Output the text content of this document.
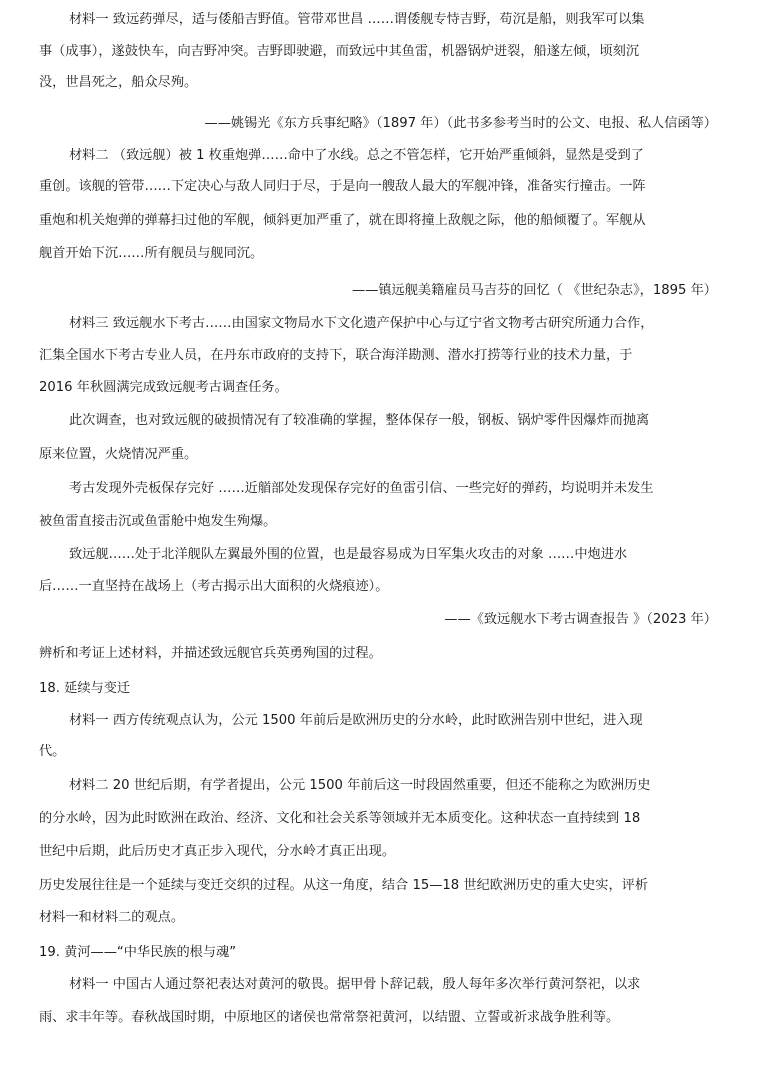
材料一 致远药弹尽，适与倭船吉野值。管带邓世昌 ……谓倭舰专恃吉野，苟沉是船，则我军可以集
事（成事），遂鼓快车，向吉野冲突。吉野即驶避，而致远中其鱼雷，机器锅炉迸裂，船遂左倾，顷刻沉
没，世昌死之，船众尽殉。
——姚锡光《东方兵事纪略》（1897 年）（此书多参考当时的公文、电报、私人信函等）
材料二 （致远舰）被 1 枚重炮弹……命中了水线。总之不管怎样，它开始严重倾斜，显然是受到了
重创。该舰的管带……下定决心与敌人同归于尽，于是向一艘敌人最大的军舰冲锋，准备实行撞击。一阵
重炮和机关炮弹的弹幕扫过他的军舰，倾斜更加严重了，就在即将撞上敌舰之际，他的船倾覆了。军舰从
舰首开始下沉……所有舰员与舰同沉。
——镇远舰美籍雇员马吉芬的回忆（ 《世纪杂志》，1895 年）
材料三 致远舰水下考古……由国家文物局水下文化遗产保护中心与辽宁省文物考古研究所通力合作，
汇集全国水下考古专业人员，在丹东市政府的支持下，联合海洋勘测、潜水打捞等行业的技术力量，于
2016 年秋圆满完成致远舰考古调查任务。
此次调查，也对致远舰的破损情况有了较准确的掌握，整体保存一般，钢板、锅炉零件因爆炸而抛离
原来位置，火烧情况严重。
考古发现外壳板保存完好 ……近艏部处发现保存完好的鱼雷引信、一些完好的弹药，均说明并未发生
被鱼雷直接击沉或鱼雷舱中炮发生殉爆。
致远舰……处于北洋舰队左翼最外围的位置，也是最容易成为日军集火攻击的对象 ……中炮进水
后……一直坚持在战场上（考古揭示出大面积的火烧痕迹）。
——《致远舰水下考古调查报告 》（2023 年）
辨析和考证上述材料，并描述致远舰官兵英勇殉国的过程。
18. 延续与变迁
材料一 西方传统观点认为，公元 1500 年前后是欧洲历史的分水岭，此时欧洲告别中世纪，进入现
代。
材料二 20 世纪后期，有学者提出，公元 1500 年前后这一时段固然重要，但还不能称之为欧洲历史
的分水岭，因为此时欧洲在政治、经济、文化和社会关系等领域并无本质变化。这种状态一直持续到 18
世纪中后期，此后历史才真正步入现代，分水岭才真正出现。
历史发展往往是一个延续与变迁交织的过程。从这一角度，结合 15—18 世纪欧洲历史的重大史实，评析
材料一和材料二的观点。
19. 黄河——“中华民族的根与魂”
材料一 中国古人通过祭祀表达对黄河的敬畏。据甲骨卜辞记载，殷人每年多次举行黄河祭祀，以求
雨、求丰年等。春秋战国时期，中原地区的诸侯也常常祭祀黄河，以结盟、立誓或祈求战争胜利等。
